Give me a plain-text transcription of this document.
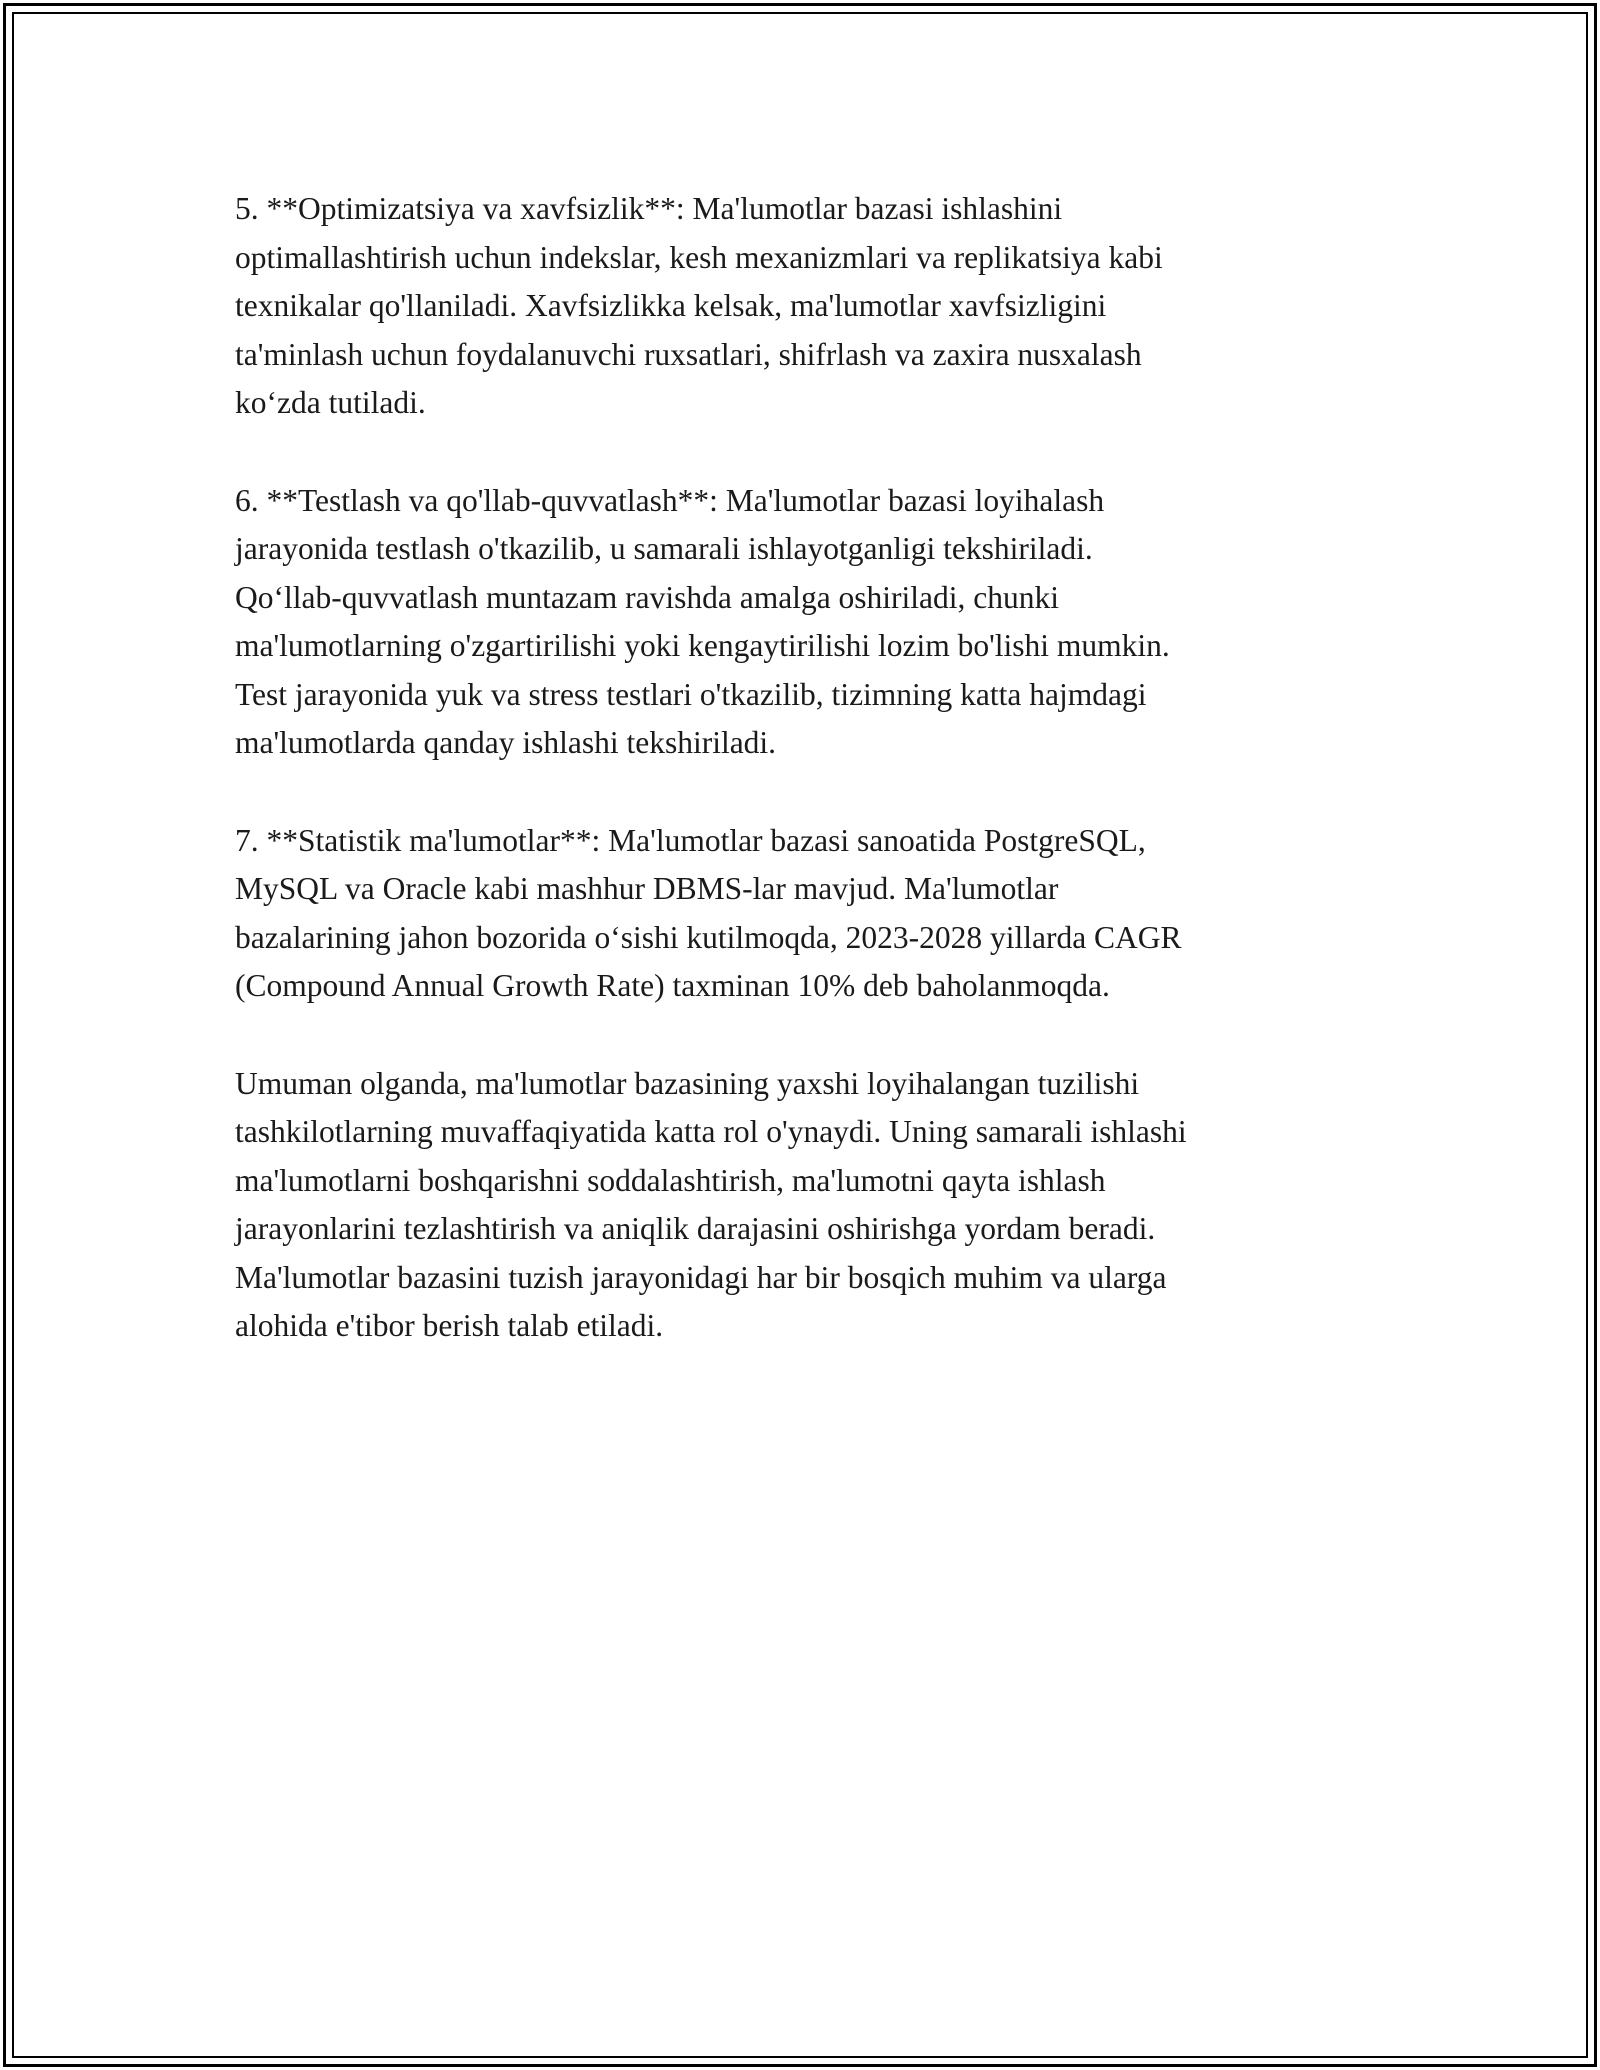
5. **Optimizatsiya va xavfsizlik**: Ma'lumotlar bazasi ishlashini
optimallashtirish uchun indekslar, kesh mexanizmlari va replikatsiya kabi
texnikalar qo'llaniladi. Xavfsizlikka kelsak, ma'lumotlar xavfsizligini
ta'minlash uchun foydalanuvchi ruxsatlari, shifrlash va zaxira nusxalash
ko‘zda tutiladi.

6. **Testlash va qo'llab-quvvatlash**: Ma'lumotlar bazasi loyihalash
jarayonida testlash o'tkazilib, u samarali ishlayotganligi tekshiriladi.
Qo‘llab-quvvatlash muntazam ravishda amalga oshiriladi, chunki
ma'lumotlarning o'zgartirilishi yoki kengaytirilishi lozim bo'lishi mumkin.
Test jarayonida yuk va stress testlari o'tkazilib, tizimning katta hajmdagi
ma'lumotlarda qanday ishlashi tekshiriladi.

7. **Statistik ma'lumotlar**: Ma'lumotlar bazasi sanoatida PostgreSQL,
MySQL va Oracle kabi mashhur DBMS-lar mavjud. Ma'lumotlar
bazalarining jahon bozorida o‘sishi kutilmoqda, 2023-2028 yillarda CAGR
(Compound Annual Growth Rate) taxminan 10% deb baholanmoqda.

Umuman olganda, ma'lumotlar bazasining yaxshi loyihalangan tuzilishi
tashkilotlarning muvaffaqiyatida katta rol o'ynaydi. Uning samarali ishlashi
ma'lumotlarni boshqarishni soddalashtirish, ma'lumotni qayta ishlash
jarayonlarini tezlashtirish va aniqlik darajasini oshirishga yordam beradi.
Ma'lumotlar bazasini tuzish jarayonidagi har bir bosqich muhim va ularga
alohida e'tibor berish talab etiladi.
